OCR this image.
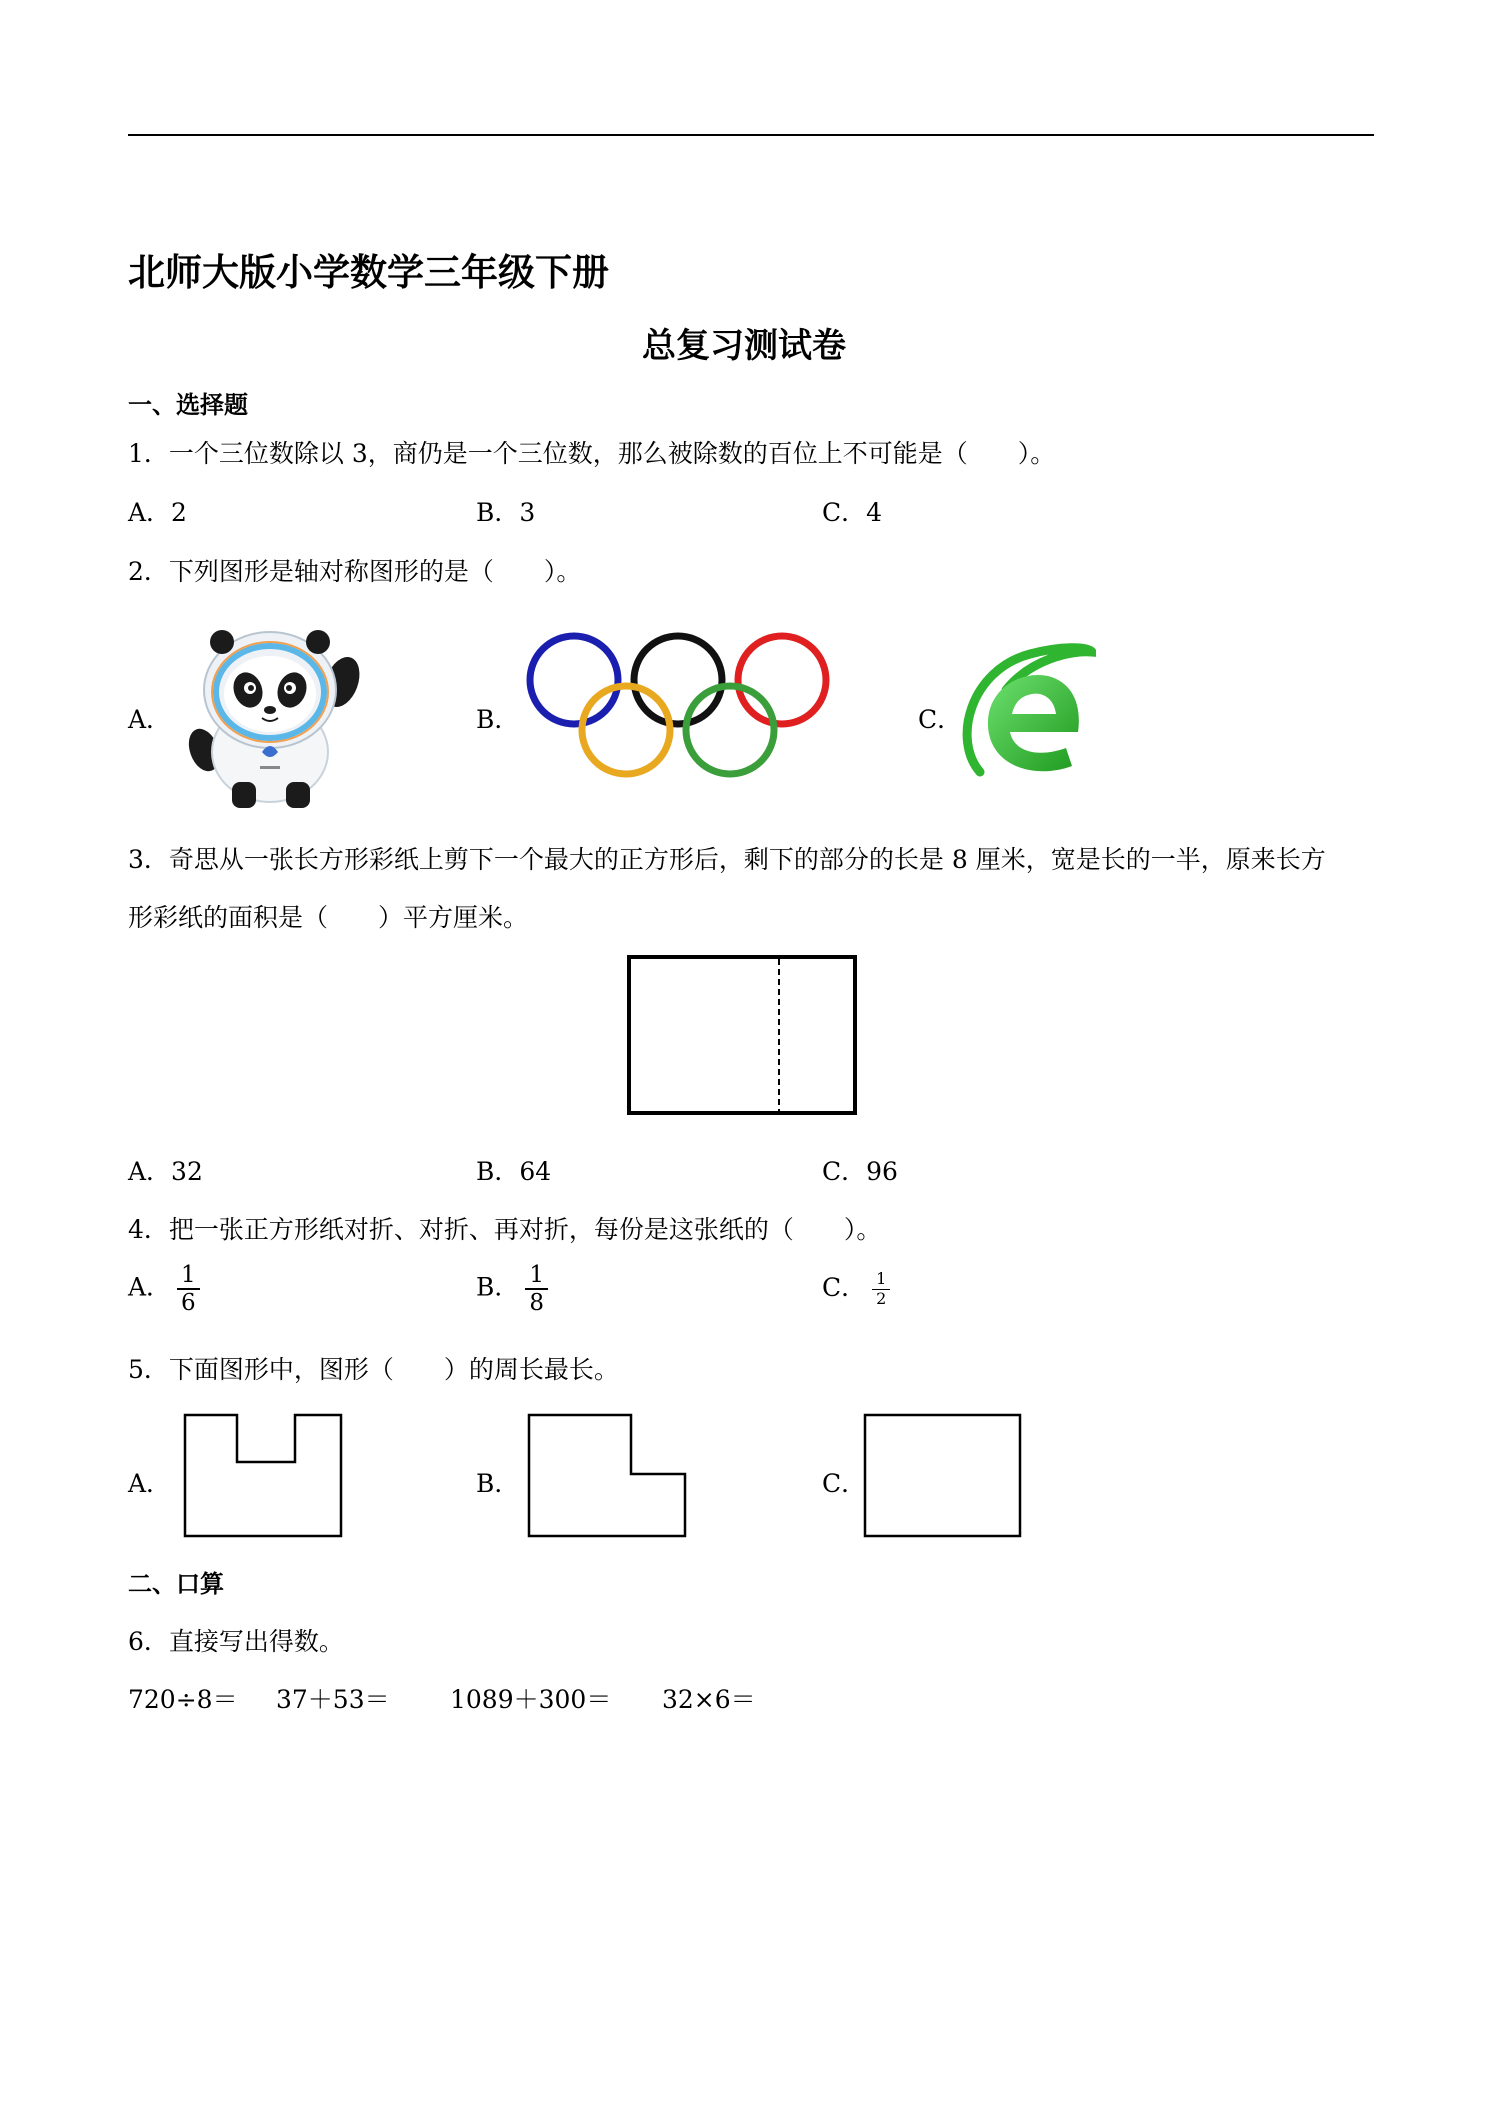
北师大版小学数学三年级下册
总复习测试卷
一、选择题
1．一个三位数除以 3，商仍是一个三位数，那么被除数的百位上不可能是（　　）。
A．2	B．3	C．4
2．下列图形是轴对称图形的是（　　）。
A．	B．	C．
3．奇思从一张长方形彩纸上剪下一个最大的正方形后，剩下的部分的长是 8 厘米，宽是长的一半，原来长方
形彩纸的面积是（　　）平方厘米。
A．32	B．64	C．96
4．把一张正方形纸对折、对折、再对折，每份是这张纸的（　　）。
A． $\frac{1}{6}$	B． $\frac{1}{8}$	C． $\frac{1}{2}$
5．下面图形中，图形（　　）的周长最长。
A．	B．	C．
二、口算
6．直接写出得数。
720÷8＝ 37＋53＝ 1089＋300＝ 32×6＝
